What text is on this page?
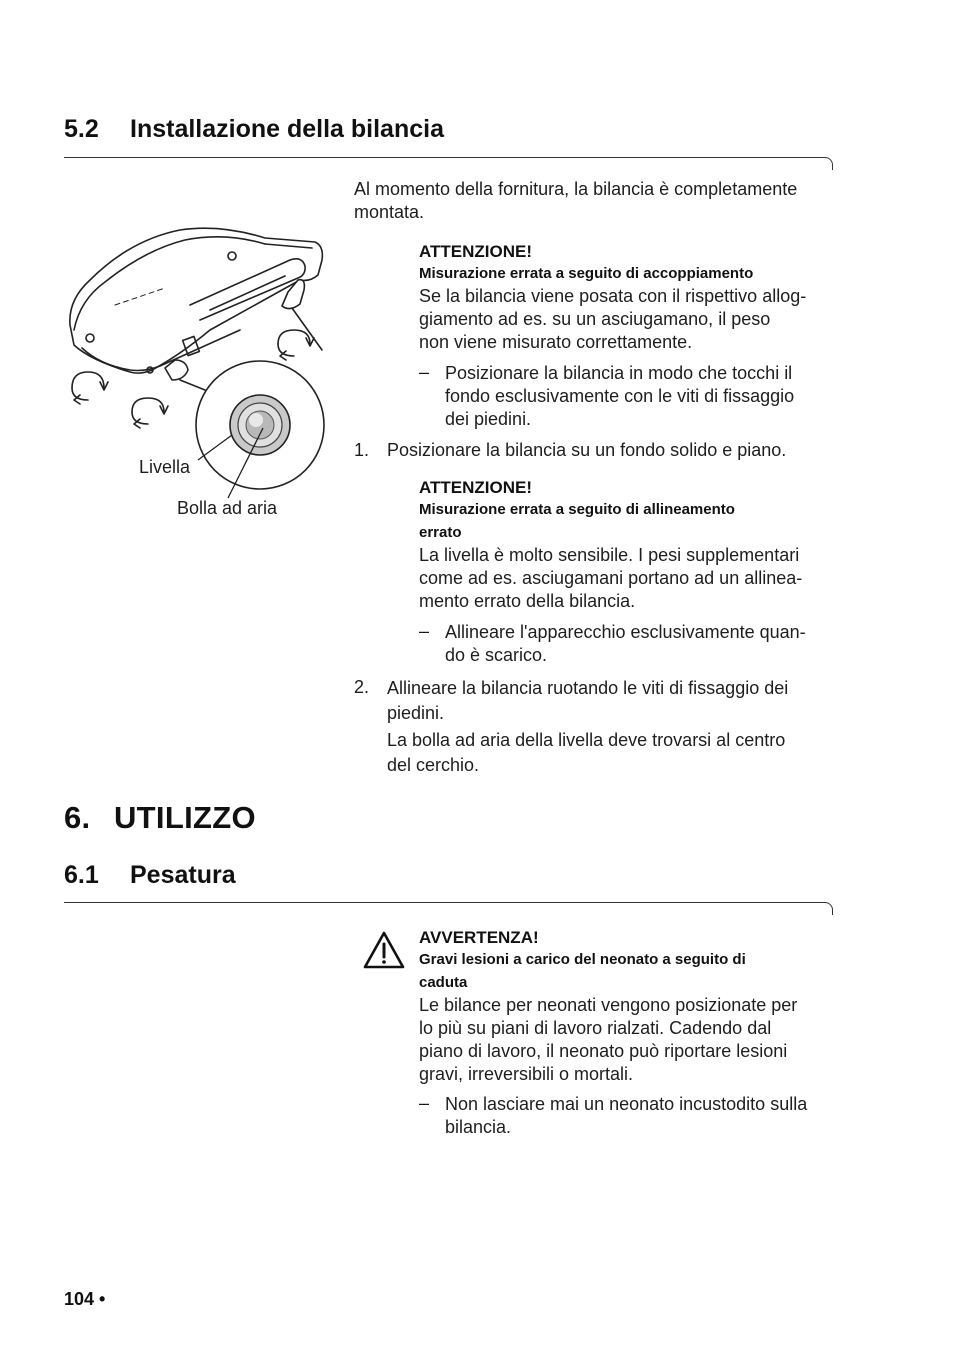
5.2 Installazione della bilancia
Livella
Bolla ad aria
Al momento della fornitura, la bilancia è completamente
montata.
ATTENZIONE!
Misurazione errata a seguito di accoppiamento
Se la bilancia viene posata con il rispettivo allog-
giamento ad es. su un asciugamano, il peso
non viene misurato correttamente.
– Posizionare la bilancia in modo che tocchi il
fondo esclusivamente con le viti di fissaggio
dei piedini.
1. Posizionare la bilancia su un fondo solido e piano.
ATTENZIONE!
Misurazione errata a seguito di allineamento
errato
La livella è molto sensibile. I pesi supplementari
come ad es. asciugamani portano ad un allinea-
mento errato della bilancia.
– Allineare l'apparecchio esclusivamente quan-
do è scarico.
2. Allineare la bilancia ruotando le viti di fissaggio dei
piedini.
La bolla ad aria della livella deve trovarsi al centro
del cerchio.
6. UTILIZZO
6.1 Pesatura
AVVERTENZA!
Gravi lesioni a carico del neonato a seguito di
caduta
Le bilance per neonati vengono posizionate per
lo più su piani di lavoro rialzati. Cadendo dal
piano di lavoro, il neonato può riportare lesioni
gravi, irreversibili o mortali.
– Non lasciare mai un neonato incustodito sulla
bilancia.
104 •
